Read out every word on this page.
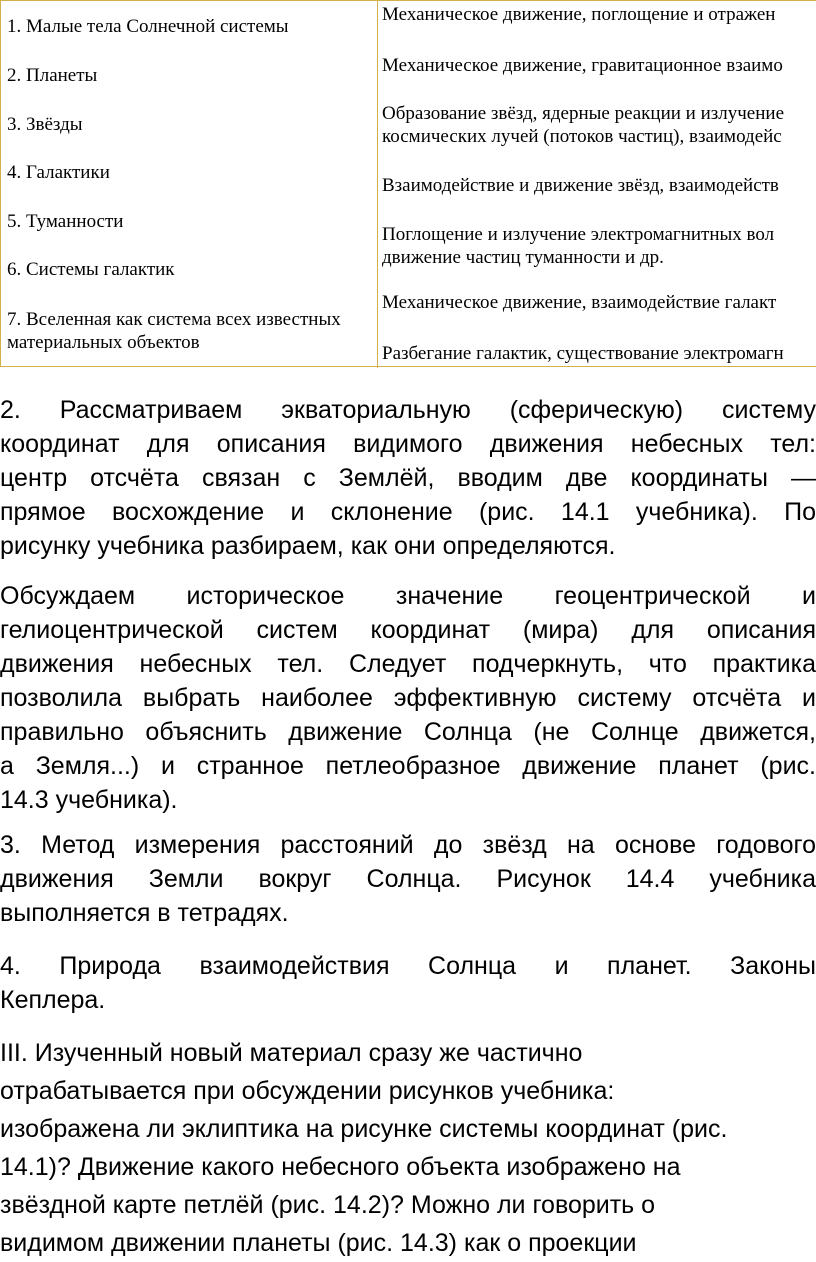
1. Малые тела Солнечной системы
Механическое движение, поглощение и отражен
2. Планеты	Механическое движение, гравитационное взаимо
3. Звёзды
Образование звёзд, ядерные реакции и излучение
космических лучей (потоков частиц), взаимодейс
4. Галактики
Взаимодействие и движение звёзд, взаимодейств
5. Туманности
Поглощение и излучение электромагнитных вол
движение частиц туманности и др.
6. Системы галактик
Механическое движение, взаимодействие галакт
7. Вселенная как система всех известных
материальных объектов
Разбегание галактик, существование электромагн
2. Рассматриваем экваториальную (сферическую) систему
координат для описания видимого движения небесных тел:
центр отсчёта связан с Землёй, вводим две координаты —
прямое восхождение и склонение (рис. 14.1 учебника). По
рисунку учебника разбираем, как они определяются.
Обсуждаем историческое значение геоцентрической и
гелиоцентрической систем координат (мира) для описания
движения небесных тел. Следует подчеркнуть, что практика
позволила выбрать наиболее эффективную систему отсчёта и
правильно объяснить движение Солнца (не Солнце движется,
а Земля...) и странное петлеобразное движение планет (рис.
14.3 учебника).
3. Метод измерения расстояний до звёзд на основе годового
движения Земли вокруг Солнца. Рисунок 14.4 учебника
выполняется в тетрадях.
4. Природа взаимодействия Солнца и планет. Законы
Кеплера.
III. Изученный новый материал сразу же частично
отрабатывается при обсуждении рисунков учебника:
изображена ли эклиптика на рисунке системы координат (рис.
14.1)? Движение какого небесного объекта изображено на
звёздной карте петлёй (рис. 14.2)? Можно ли говорить о
видимом движении планеты (рис. 14.3) как о проекции
